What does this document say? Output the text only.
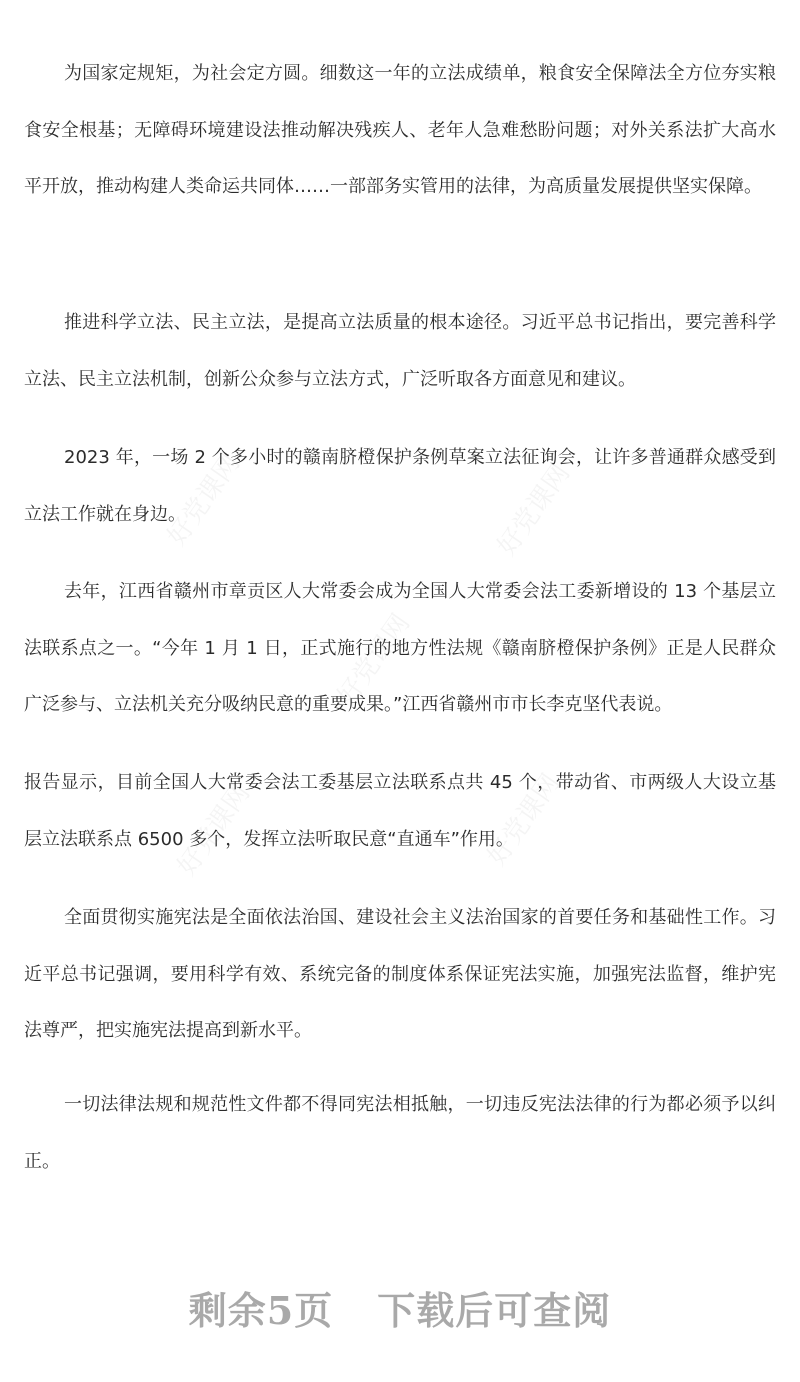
为国家定规矩，为社会定方圆。细数这一年的立法成绩单，粮食安全保障法全方位夯实粮食安全根基；无障碍环境建设法推动解决残疾人、老年人急难愁盼问题；对外关系法扩大高水平开放，推动构建人类命运共同体……一部部务实管用的法律，为高质量发展提供坚实保障。

推进科学立法、民主立法，是提高立法质量的根本途径。习近平总书记指出，要完善科学立法、民主立法机制，创新公众参与立法方式，广泛听取各方面意见和建议。

2023 年，一场 2 个多小时的赣南脐橙保护条例草案立法征询会，让许多普通群众感受到立法工作就在身边。

去年，江西省赣州市章贡区人大常委会成为全国人大常委会法工委新增设的 13 个基层立法联系点之一。“今年 1 月 1 日，正式施行的地方性法规《赣南脐橙保护条例》正是人民群众广泛参与、立法机关充分吸纳民意的重要成果。”江西省赣州市市长李克坚代表说。

报告显示，目前全国人大常委会法工委基层立法联系点共 45 个，带动省、市两级人大设立基层立法联系点 6500 多个，发挥立法听取民意“直通车”作用。

全面贯彻实施宪法是全面依法治国、建设社会主义法治国家的首要任务和基础性工作。习近平总书记强调，要用科学有效、系统完备的制度体系保证宪法实施，加强宪法监督，维护宪法尊严，把实施宪法提高到新水平。

一切法律法规和规范性文件都不得同宪法相抵触，一切违反宪法法律的行为都必须予以纠正。

好党课网	好党课网
好党课网
好党课网	好党课网
剩余5页 下载后可查阅
